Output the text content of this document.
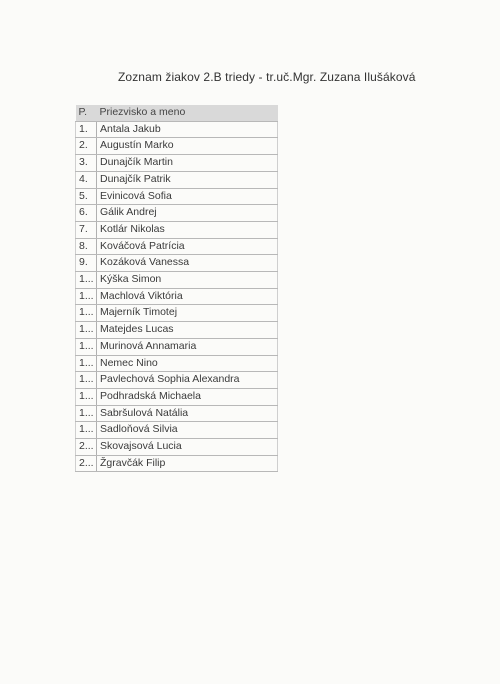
Zoznam žiakov 2.B triedy - tr.uč.Mgr. Zuzana Ilušáková
P.	Priezvisko a meno
1.	Antala Jakub
2.	Augustín Marko
3.	Dunajčík Martin
4.	Dunajčík Patrik
5.	Evinicová Sofia
6.	Gálik Andrej
7.	Kotlár Nikolas
8.	Kováčová Patrícia
9.	Kozáková Vanessa
1...	Kýška Simon
1...	Machlová Viktória
1...	Majerník Timotej
1...	Matejdes Lucas
1...	Murinová Annamaria
1...	Nemec Nino
1...	Pavlechová Sophia Alexandra
1...	Podhradská Michaela
1...	Sabršulová Natália
1...	Sadloňová Silvia
2...	Skovajsová Lucia
2...	Žgravčák Filip
